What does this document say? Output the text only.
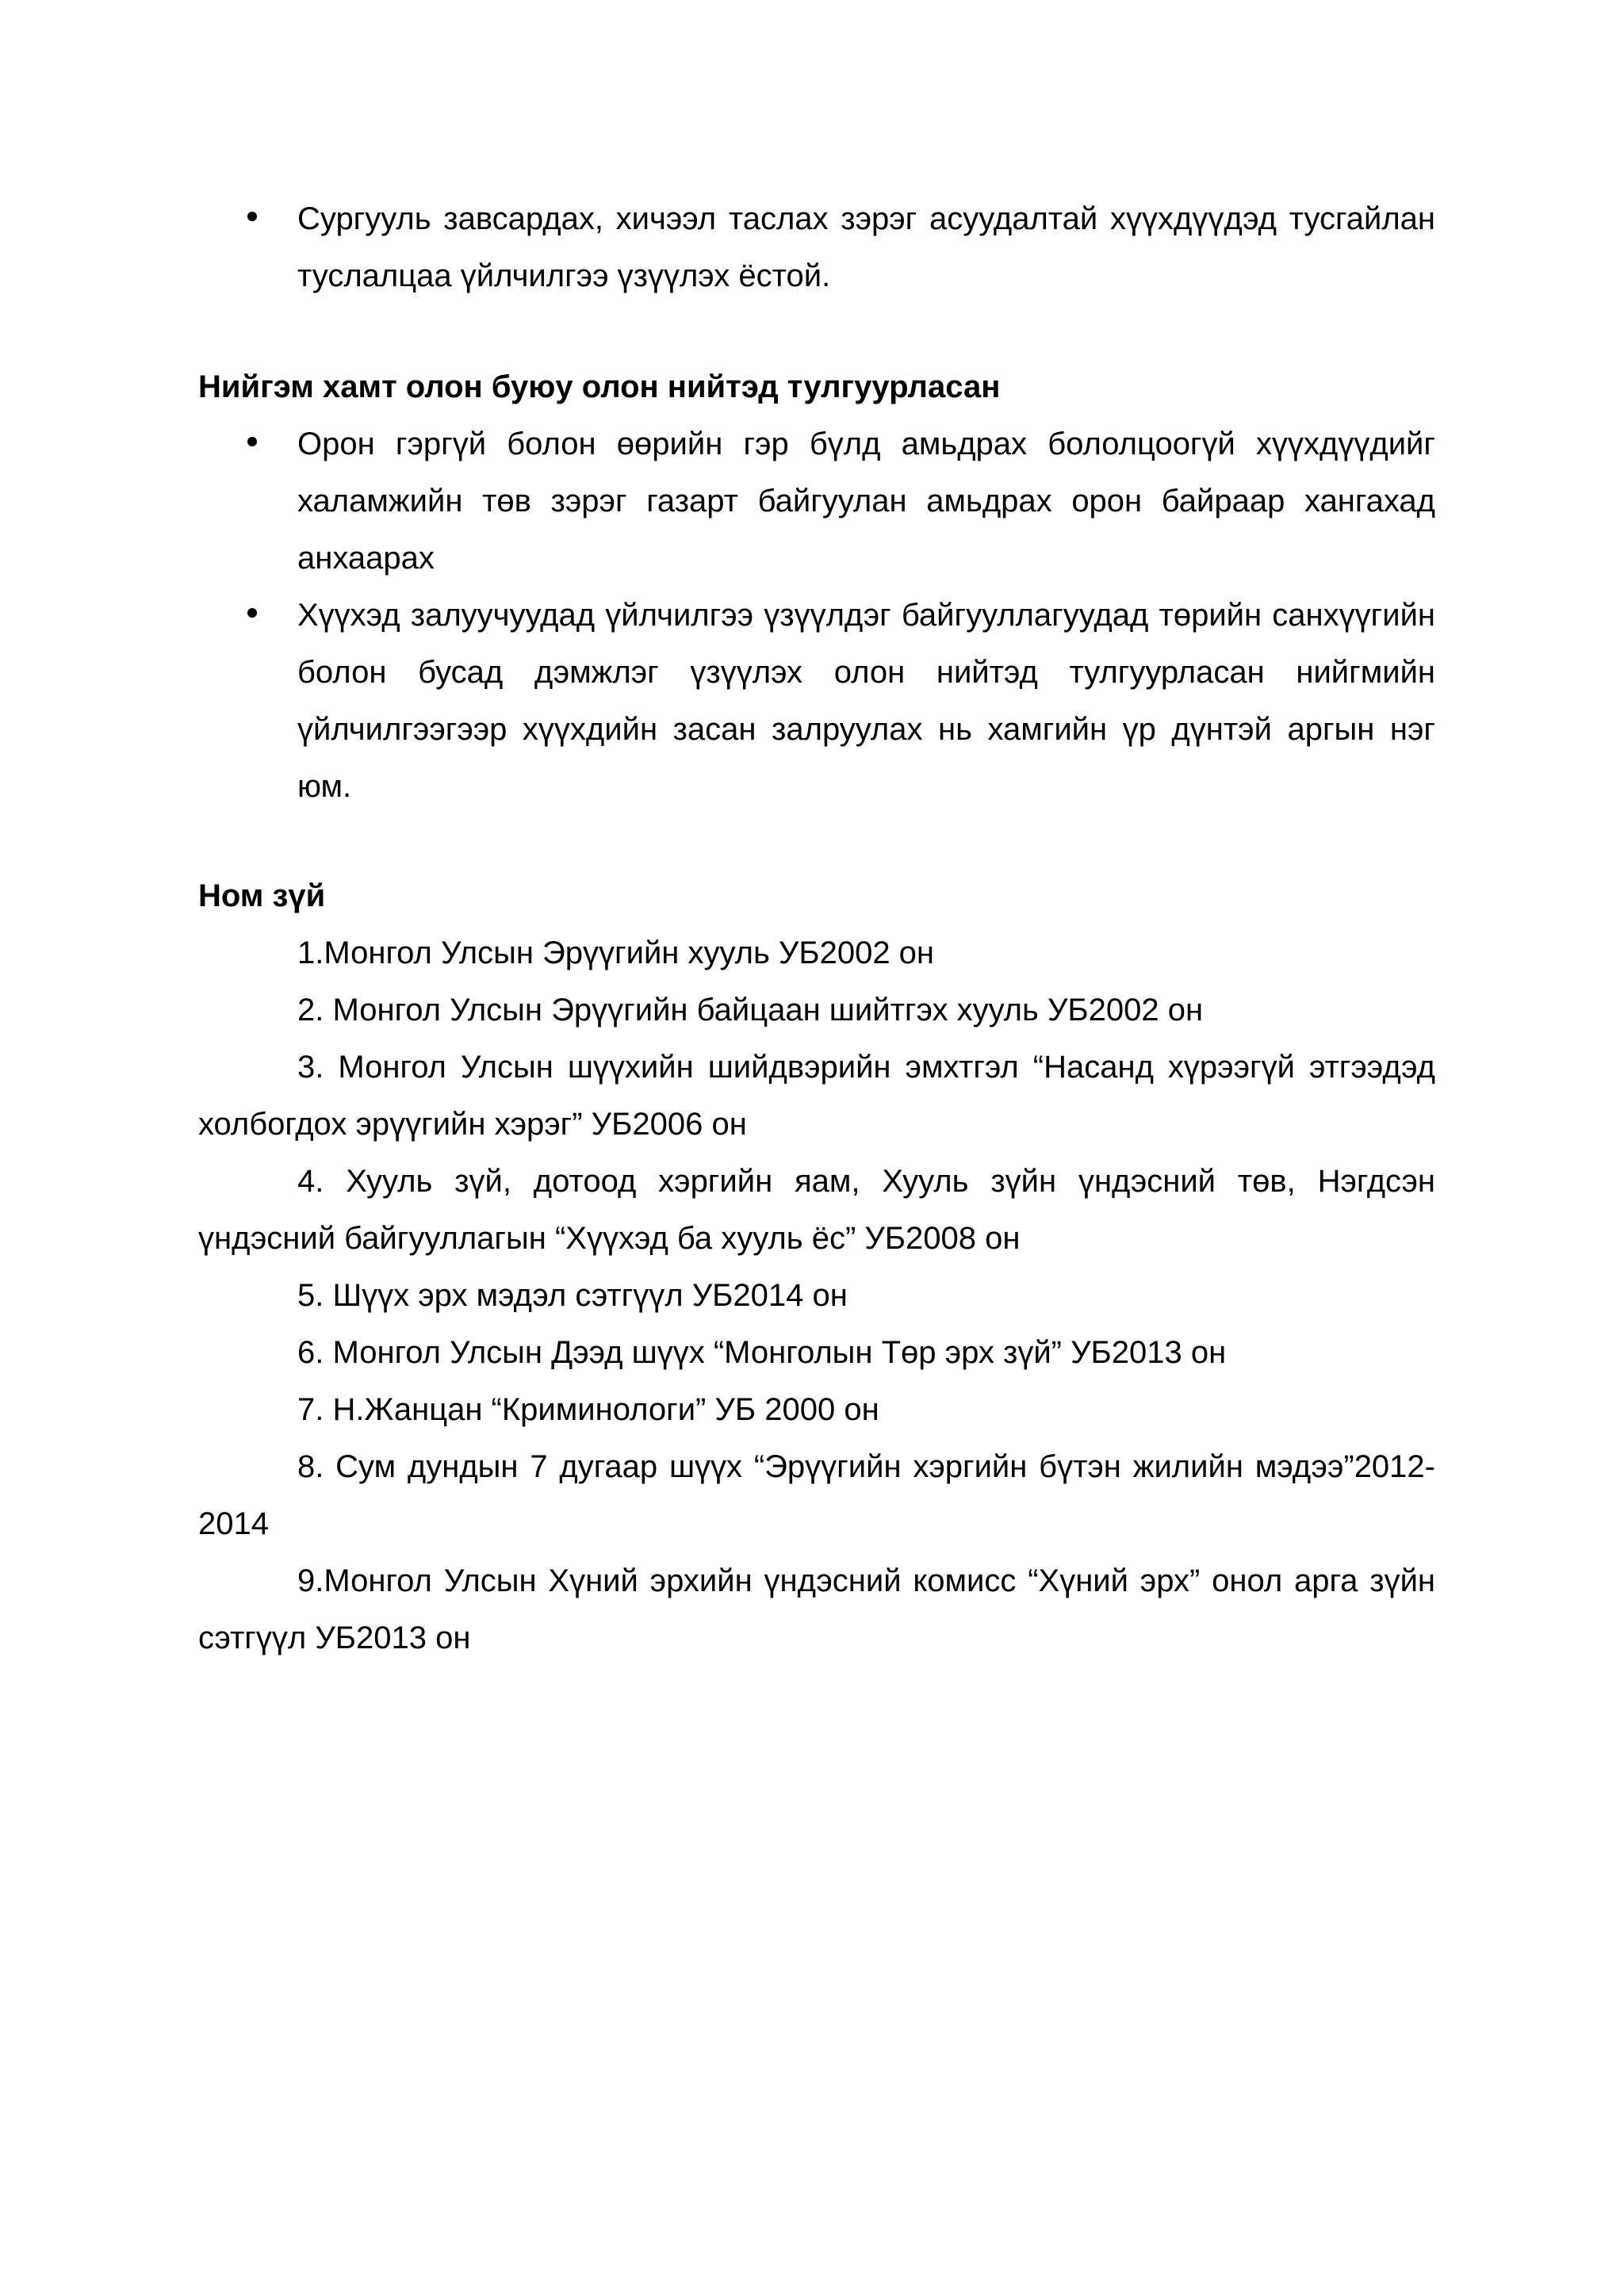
Сургууль завсардах, хичээл таслах зэрэг асуудалтай хүүхдүүдэд тусгайлан туслалцаа үйлчилгээ үзүүлэх ёстой.
Нийгэм хамт олон буюу олон нийтэд тулгуурласан
Орон гэргүй болон өөрийн гэр бүлд амьдрах бололцоогүй хүүхдүүдийг халамжийн төв зэрэг газарт байгуулан амьдрах орон байраар хангахад анхаарах
Хүүхэд залуучуудад үйлчилгээ үзүүлдэг байгууллагуудад төрийн санхүүгийн болон бусад дэмжлэг үзүүлэх олон нийтэд тулгуурласан нийгмийн үйлчилгээгээр хүүхдийн засан залруулах нь хамгийн үр дүнтэй аргын нэг юм.
Ном зүй
1.Монгол Улсын Эрүүгийн хууль УБ2002 он
2. Монгол Улсын Эрүүгийн байцаан шийтгэх хууль УБ2002 он
3. Монгол Улсын шүүхийн шийдвэрийн эмхтгэл “Насанд хүрээгүй этгээдэд холбогдох эрүүгийн хэрэг” УБ2006 он
4. Хууль зүй, дотоод хэргийн яам, Хууль зүйн үндэсний төв, Нэгдсэн үндэсний байгууллагын “Хүүхэд ба хууль ёс” УБ2008 он
5. Шүүх эрх мэдэл сэтгүүл УБ2014 он
6. Монгол Улсын Дээд шүүх “Монголын Төр эрх зүй” УБ2013 он
7. Н.Жанцан “Криминологи” УБ 2000 он
8. Сум дундын 7 дугаар шүүх “Эрүүгийн хэргийн бүтэн жилийн мэдээ”2012-2014
9.Монгол Улсын Хүний эрхийн үндэсний комисс “Хүний эрх” онол арга зүйн сэтгүүл УБ2013 он
